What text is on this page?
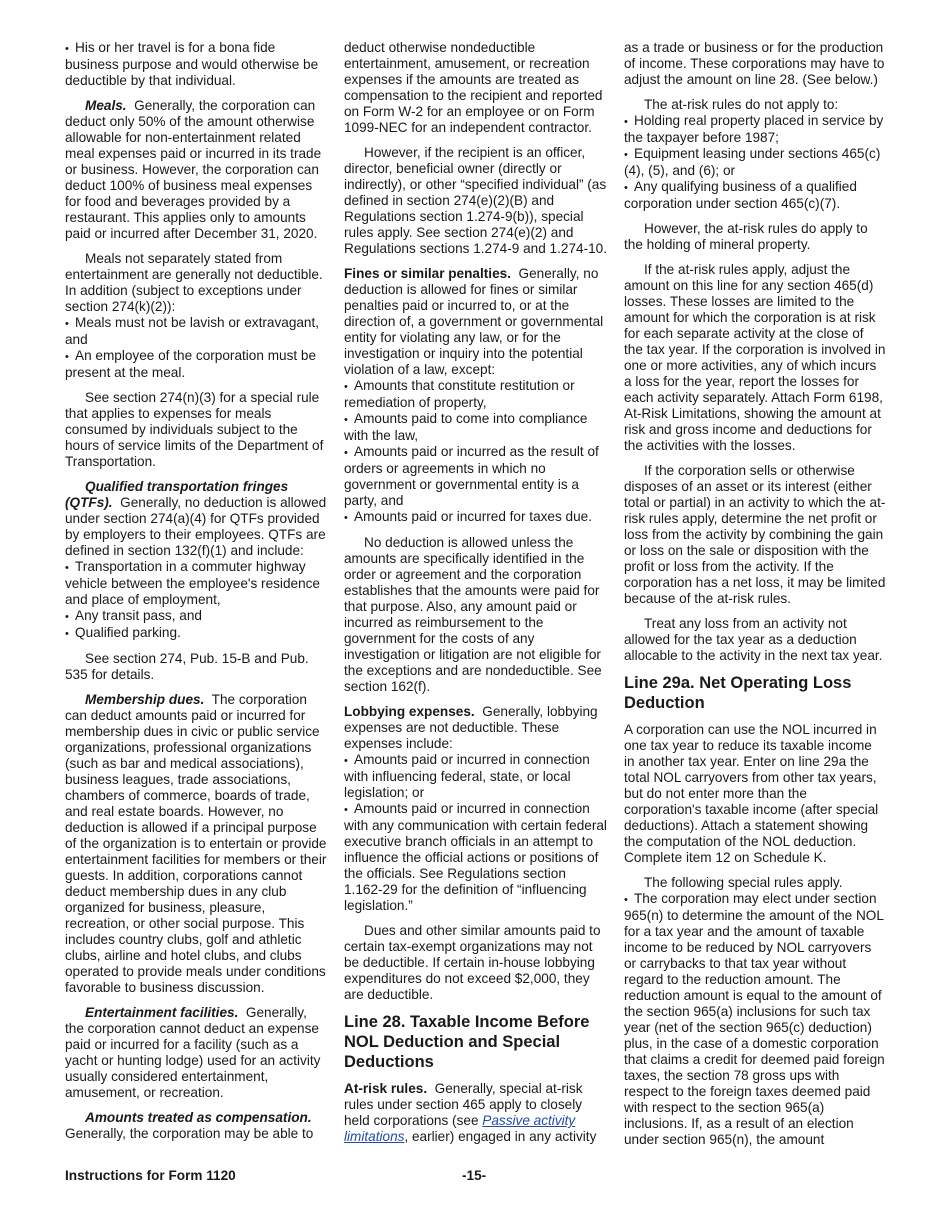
• His or her travel is for a bona fide business purpose and would otherwise be deductible by that individual.

Meals. Generally, the corporation can deduct only 50% of the amount otherwise allowable for non-entertainment related meal expenses paid or incurred in its trade or business. However, the corporation can deduct 100% of business meal expenses for food and beverages provided by a restaurant. This applies only to amounts paid or incurred after December 31, 2020.

Meals not separately stated from entertainment are generally not deductible. In addition (subject to exceptions under section 274(k)(2)):

• Meals must not be lavish or extravagant, and

• An employee of the corporation must be present at the meal.

See section 274(n)(3) for a special rule that applies to expenses for meals consumed by individuals subject to the hours of service limits of the Department of Transportation.

Qualified transportation fringes (QTFs). Generally, no deduction is allowed under section 274(a)(4) for QTFs provided by employers to their employees. QTFs are defined in section 132(f)(1) and include:

• Transportation in a commuter highway vehicle between the employee's residence and place of employment,

• Any transit pass, and

• Qualified parking.

See section 274, Pub. 15-B and Pub. 535 for details.

Membership dues. The corporation can deduct amounts paid or incurred for membership dues in civic or public service organizations, professional organizations (such as bar and medical associations), business leagues, trade associations, chambers of commerce, boards of trade, and real estate boards. However, no deduction is allowed if a principal purpose of the organization is to entertain or provide entertainment facilities for members or their guests. In addition, corporations cannot deduct membership dues in any club organized for business, pleasure, recreation, or other social purpose. This includes country clubs, golf and athletic clubs, airline and hotel clubs, and clubs operated to provide meals under conditions favorable to business discussion.

Entertainment facilities. Generally, the corporation cannot deduct an expense paid or incurred for a facility (such as a yacht or hunting lodge) used for an activity usually considered entertainment, amusement, or recreation.

Amounts treated as compensation. Generally, the corporation may be able to

deduct otherwise nondeductible entertainment, amusement, or recreation expenses if the amounts are treated as compensation to the recipient and reported on Form W-2 for an employee or on Form 1099-NEC for an independent contractor.

However, if the recipient is an officer, director, beneficial owner (directly or indirectly), or other “specified individual” (as defined in section 274(e)(2)(B) and Regulations section 1.274-9(b)), special rules apply. See section 274(e)(2) and Regulations sections 1.274-9 and 1.274-10.

Fines or similar penalties. Generally, no deduction is allowed for fines or similar penalties paid or incurred to, or at the direction of, a government or governmental entity for violating any law, or for the investigation or inquiry into the potential violation of a law, except:

• Amounts that constitute restitution or remediation of property,

• Amounts paid to come into compliance with the law,

• Amounts paid or incurred as the result of orders or agreements in which no government or governmental entity is a party, and

• Amounts paid or incurred for taxes due.

No deduction is allowed unless the amounts are specifically identified in the order or agreement and the corporation establishes that the amounts were paid for that purpose. Also, any amount paid or incurred as reimbursement to the government for the costs of any investigation or litigation are not eligible for the exceptions and are nondeductible. See section 162(f).

Lobbying expenses. Generally, lobbying expenses are not deductible. These expenses include:

• Amounts paid or incurred in connection with influencing federal, state, or local legislation; or

• Amounts paid or incurred in connection with any communication with certain federal executive branch officials in an attempt to influence the official actions or positions of the officials. See Regulations section 1.162-29 for the definition of “influencing legislation.”

Dues and other similar amounts paid to certain tax-exempt organizations may not be deductible. If certain in-house lobbying expenditures do not exceed $2,000, they are deductible.

Line 28. Taxable Income Before NOL Deduction and Special Deductions

At-risk rules. Generally, special at-risk rules under section 465 apply to closely held corporations (see Passive activity limitations, earlier) engaged in any activity

as a trade or business or for the production of income. These corporations may have to adjust the amount on line 28. (See below.)

The at-risk rules do not apply to:

• Holding real property placed in service by the taxpayer before 1987;

• Equipment leasing under sections 465(c)(4), (5), and (6); or

• Any qualifying business of a qualified corporation under section 465(c)(7).

However, the at-risk rules do apply to the holding of mineral property.

If the at-risk rules apply, adjust the amount on this line for any section 465(d) losses. These losses are limited to the amount for which the corporation is at risk for each separate activity at the close of the tax year. If the corporation is involved in one or more activities, any of which incurs a loss for the year, report the losses for each activity separately. Attach Form 6198, At-Risk Limitations, showing the amount at risk and gross income and deductions for the activities with the losses.

If the corporation sells or otherwise disposes of an asset or its interest (either total or partial) in an activity to which the at-risk rules apply, determine the net profit or loss from the activity by combining the gain or loss on the sale or disposition with the profit or loss from the activity. If the corporation has a net loss, it may be limited because of the at-risk rules.

Treat any loss from an activity not allowed for the tax year as a deduction allocable to the activity in the next tax year.

Line 29a. Net Operating Loss Deduction

A corporation can use the NOL incurred in one tax year to reduce its taxable income in another tax year. Enter on line 29a the total NOL carryovers from other tax years, but do not enter more than the corporation's taxable income (after special deductions). Attach a statement showing the computation of the NOL deduction. Complete item 12 on Schedule K.

The following special rules apply.

• The corporation may elect under section 965(n) to determine the amount of the NOL for a tax year and the amount of taxable income to be reduced by NOL carryovers or carrybacks to that tax year without regard to the reduction amount. The reduction amount is equal to the amount of the section 965(a) inclusions for such tax year (net of the section 965(c) deduction) plus, in the case of a domestic corporation that claims a credit for deemed paid foreign taxes, the section 78 gross ups with respect to the foreign taxes deemed paid with respect to the section 965(a) inclusions. If, as a result of an election under section 965(n), the amount

Instructions for Form 1120	-15-
